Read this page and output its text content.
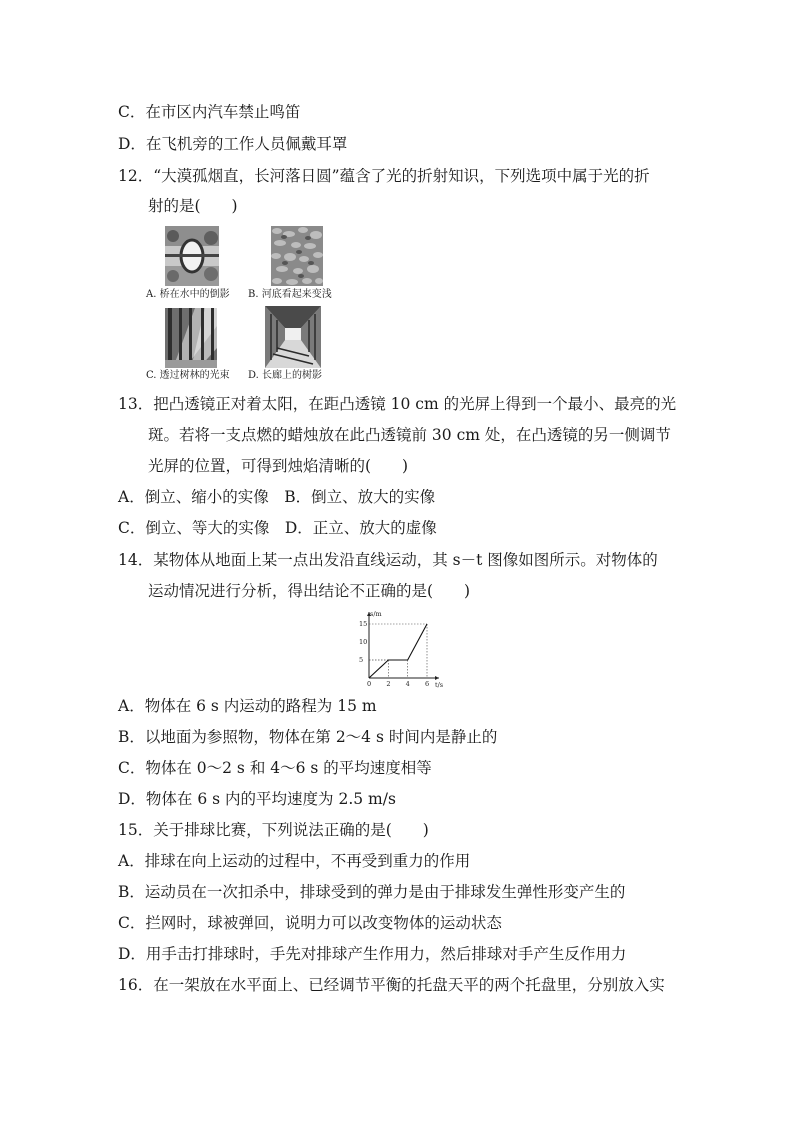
C．在市区内汽车禁止鸣笛
D．在飞机旁的工作人员佩戴耳罩
12．“大漠孤烟直，长河落日圆”蕴含了光的折射知识，下列选项中属于光的折
射的是(　　)
A. 桥在水中的倒影 B. 河底看起来变浅
C. 透过树林的光束 D. 长廊上的树影
13．把凸透镜正对着太阳，在距凸透镜 10 cm 的光屏上得到一个最小、最亮的光
斑。若将一支点燃的蜡烛放在此凸透镜前 30 cm 处，在凸透镜的另一侧调节
光屏的位置，可得到烛焰清晰的(　　)
A．倒立、缩小的实像　B．倒立、放大的实像
C．倒立、等大的实像　D．正立、放大的虚像
14．某物体从地面上某一点出发沿直线运动，其 s－t 图像如图所示。对物体的
运动情况进行分析，得出结论不正确的是(　　)
s/m
t/s
0 2 4 6
5
10
15
A．物体在 6 s 内运动的路程为 15 m
B．以地面为参照物，物体在第 2～4 s 时间内是静止的
C．物体在 0～2 s 和 4～6 s 的平均速度相等
D．物体在 6 s 内的平均速度为 2.5 m/s
15．关于排球比赛，下列说法正确的是(　　)
A．排球在向上运动的过程中，不再受到重力的作用
B．运动员在一次扣杀中，排球受到的弹力是由于排球发生弹性形变产生的
C．拦网时，球被弹回，说明力可以改变物体的运动状态
D．用手击打排球时，手先对排球产生作用力，然后排球对手产生反作用力
16．在一架放在水平面上、已经调节平衡的托盘天平的两个托盘里，分别放入实
